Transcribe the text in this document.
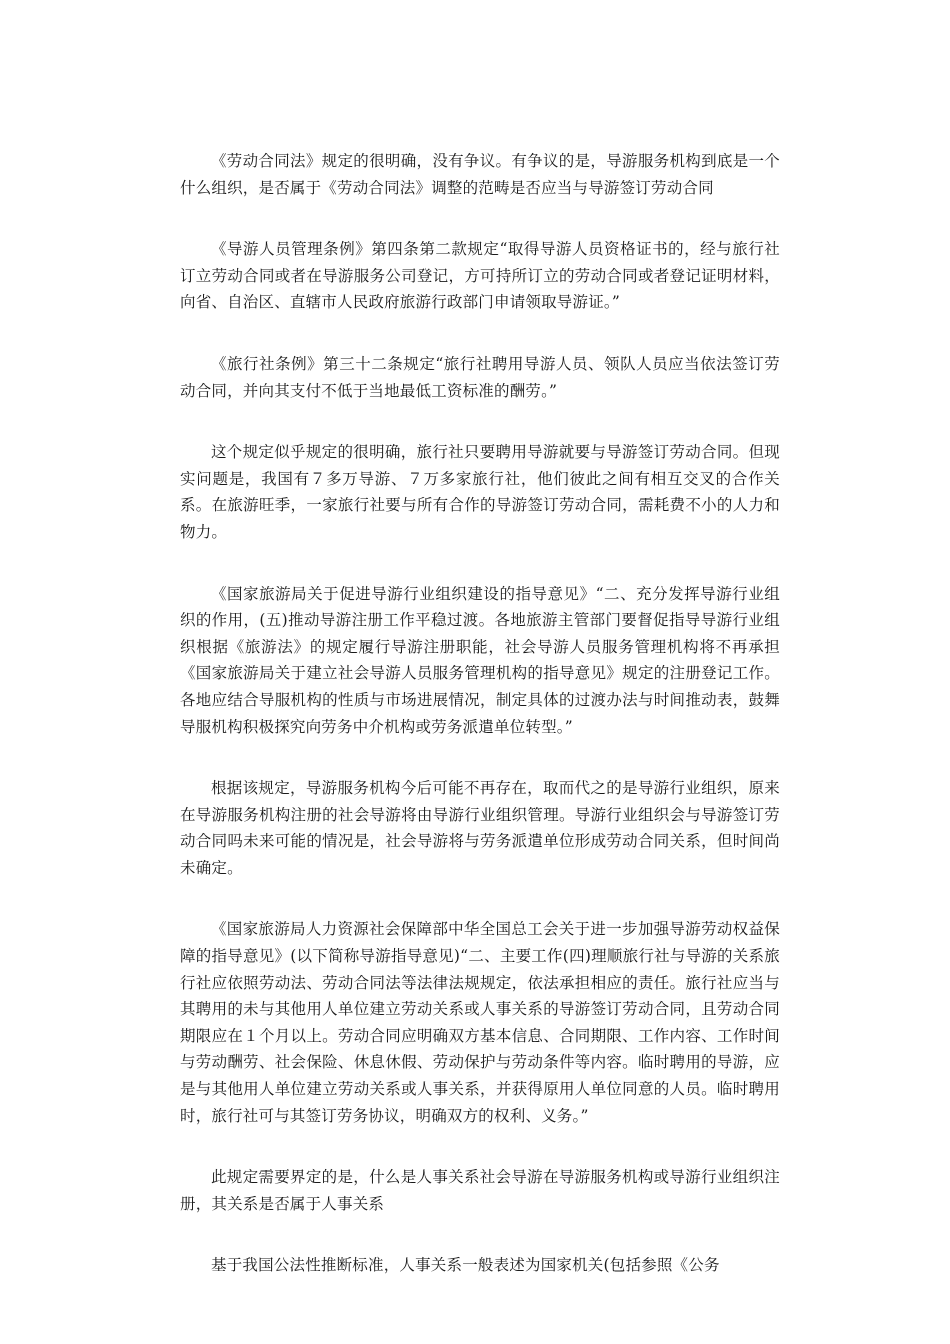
《劳动合同法》规定的很明确，没有争议。有争议的是，导游服务机构到底是一个什么组织，是否属于《劳动合同法》调整的范畴是否应当与导游签订劳动合同

《导游人员管理条例》第四条第二款规定“取得导游人员资格证书的，经与旅行社订立劳动合同或者在导游服务公司登记，方可持所订立的劳动合同或者登记证明材料，向省、自治区、直辖市人民政府旅游行政部门申请领取导游证。”

《旅行社条例》第三十二条规定“旅行社聘用导游人员、领队人员应当依法签订劳动合同，并向其支付不低于当地最低工资标准的酬劳。”

这个规定似乎规定的很明确，旅行社只要聘用导游就要与导游签订劳动合同。但现实问题是，我国有７多万导游、７万多家旅行社，他们彼此之间有相互交叉的合作关系。在旅游旺季，一家旅行社要与所有合作的导游签订劳动合同，需耗费不小的人力和物力。

《国家旅游局关于促进导游行业组织建设的指导意见》“二、充分发挥导游行业组织的作用，(五)推动导游注册工作平稳过渡。各地旅游主管部门要督促指导导游行业组织根据《旅游法》的规定履行导游注册职能，社会导游人员服务管理机构将不再承担《国家旅游局关于建立社会导游人员服务管理机构的指导意见》规定的注册登记工作。各地应结合导服机构的性质与市场进展情况，制定具体的过渡办法与时间推动表，鼓舞导服机构积极探究向劳务中介机构或劳务派遣单位转型。”

根据该规定，导游服务机构今后可能不再存在，取而代之的是导游行业组织，原来在导游服务机构注册的社会导游将由导游行业组织管理。导游行业组织会与导游签订劳动合同吗未来可能的情况是，社会导游将与劳务派遣单位形成劳动合同关系，但时间尚未确定。

《国家旅游局人力资源社会保障部中华全国总工会关于进一步加强导游劳动权益保障的指导意见》(以下简称导游指导意见)“二、主要工作(四)理顺旅行社与导游的关系旅行社应依照劳动法、劳动合同法等法律法规规定，依法承担相应的责任。旅行社应当与其聘用的未与其他用人单位建立劳动关系或人事关系的导游签订劳动合同，且劳动合同期限应在１个月以上。劳动合同应明确双方基本信息、合同期限、工作内容、工作时间与劳动酬劳、社会保险、休息休假、劳动保护与劳动条件等内容。临时聘用的导游，应是与其他用人单位建立劳动关系或人事关系，并获得原用人单位同意的人员。临时聘用时，旅行社可与其签订劳务协议，明确双方的权利、义务。”

此规定需要界定的是，什么是人事关系社会导游在导游服务机构或导游行业组织注册，其关系是否属于人事关系

基于我国公法性推断标准，人事关系一般表述为国家机关(包括参照《公务
